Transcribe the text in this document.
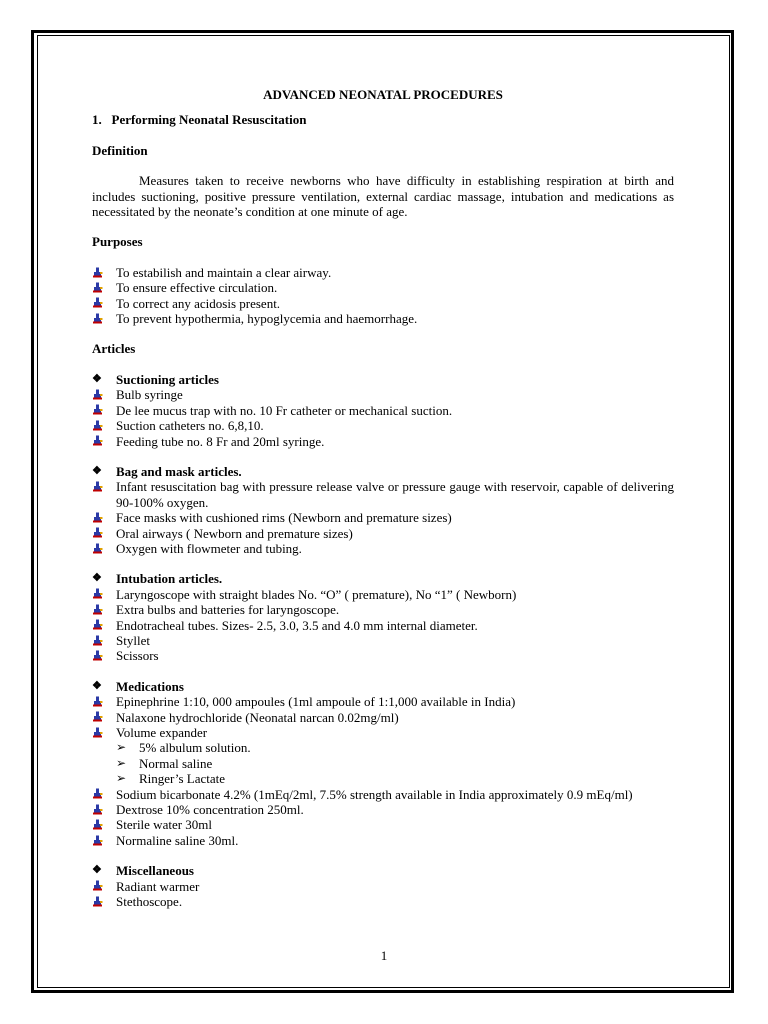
ADVANCED NEONATAL PROCEDURES
1. Performing Neonatal Resuscitation
Definition
Measures taken to receive newborns who have difficulty in establishing respiration at birth and includes suctioning, positive pressure ventilation, external cardiac massage, intubation and medications as necessitated by the neonate’s condition at one minute of age.
Purposes
To estabilish and maintain a clear airway.
To ensure effective circulation.
To correct any acidosis present.
To prevent hypothermia, hypoglycemia and haemorrhage.
Articles
❖	Suctioning articles
Bulb syringe
De lee mucus trap with no. 10 Fr catheter or mechanical suction.
Suction catheters no. 6,8,10.
Feeding tube no. 8 Fr and 20ml syringe.
❖	Bag and mask articles.
Infant resuscitation bag with pressure release valve or pressure gauge with reservoir, capable of delivering 90-100% oxygen.
Face masks with cushioned rims (Newborn and premature sizes)
Oral airways ( Newborn and premature sizes)
Oxygen with flowmeter and tubing.
❖	Intubation articles.
Laryngoscope with straight blades No. “O” ( premature), No “1” ( Newborn)
Extra bulbs and batteries for laryngoscope.
Endotracheal tubes. Sizes- 2.5, 3.0, 3.5 and 4.0 mm internal diameter.
Styllet
Scissors
❖	Medications
Epinephrine 1:10, 000 ampoules (1ml ampoule of 1:1,000 available in India)
Nalaxone hydrochloride (Neonatal narcan 0.02mg/ml)
Volume expander
➢ 5% albulum solution.
➢ Normal saline
➢ Ringer’s Lactate
Sodium bicarbonate 4.2% (1mEq/2ml, 7.5% strength available in India approximately 0.9 mEq/ml)
Dextrose 10% concentration 250ml.
Sterile water 30ml
Normaline saline 30ml.
❖	Miscellaneous
Radiant warmer
Stethoscope.
1
